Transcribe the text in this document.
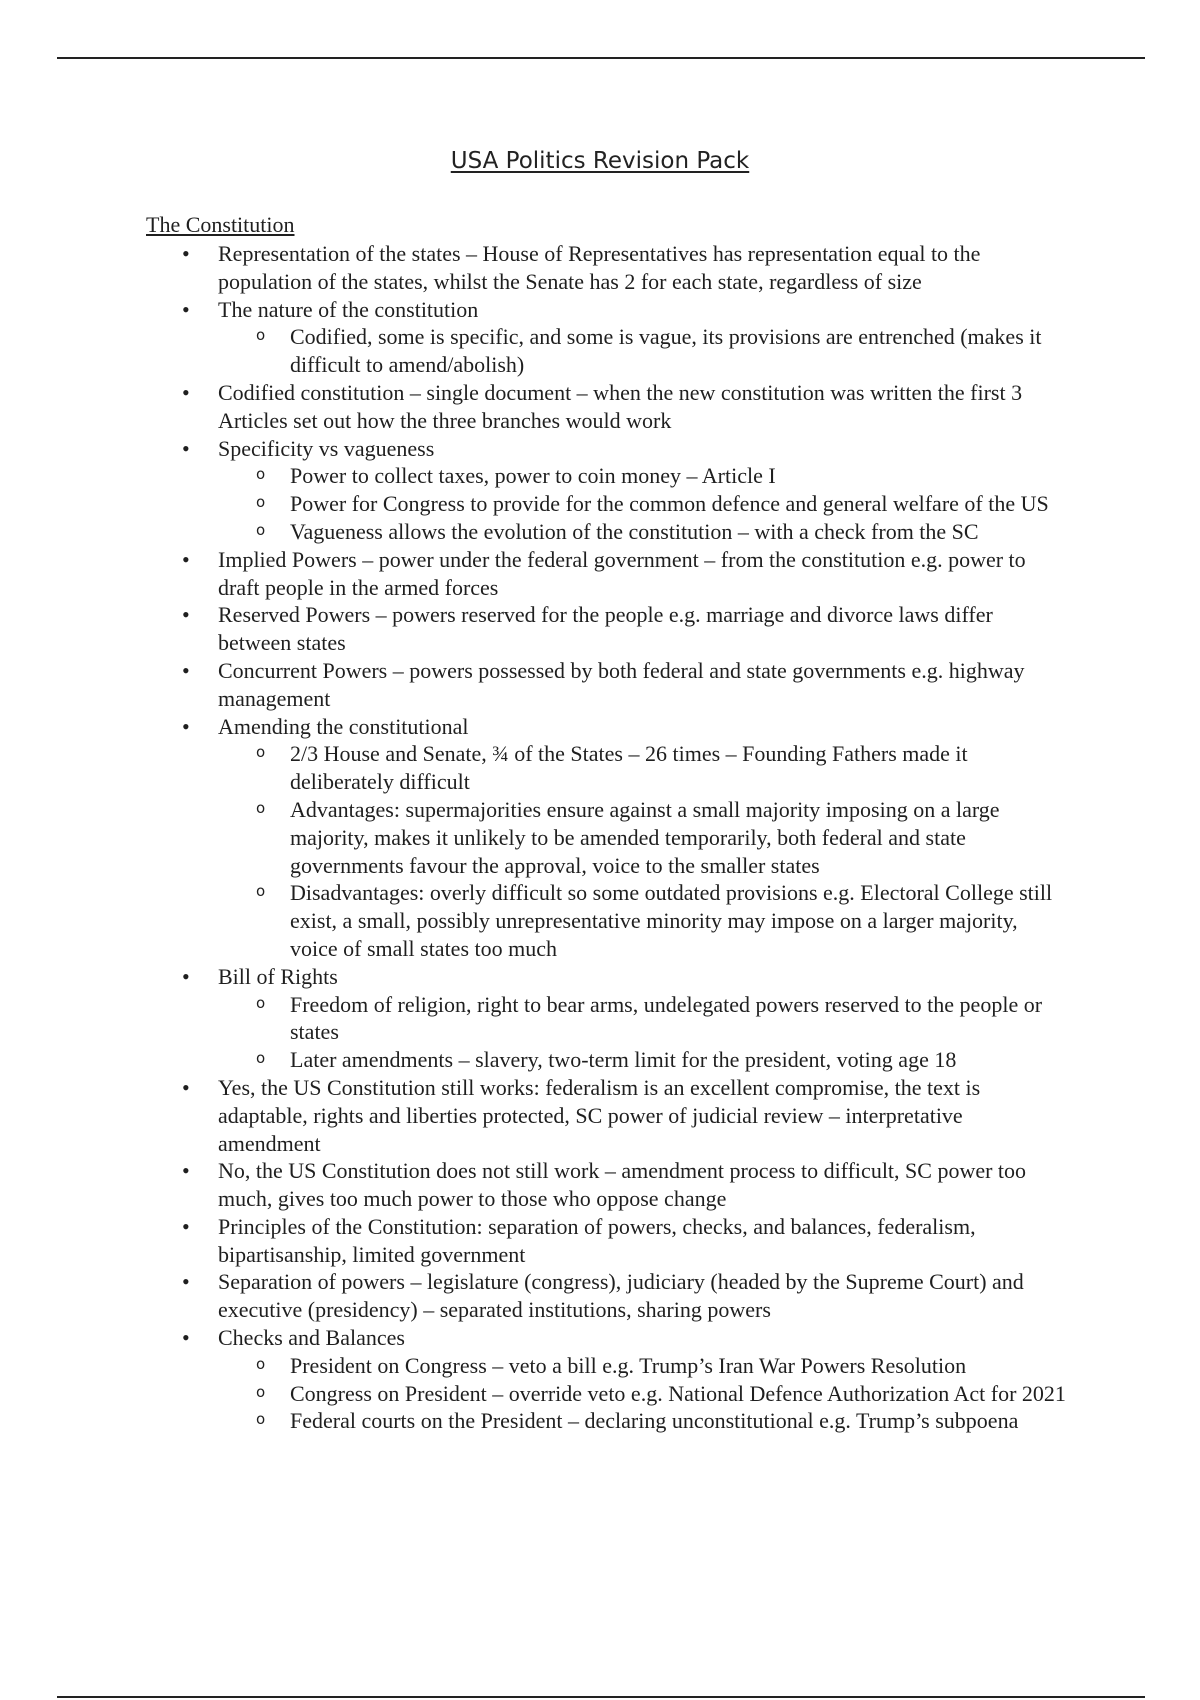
USA Politics Revision Pack
The Constitution
• Representation of the states – House of Representatives has representation equal to the population of the states, whilst the Senate has 2 for each state, regardless of size
• The nature of the constitution
o Codified, some is specific, and some is vague, its provisions are entrenched (makes it difficult to amend/abolish)
• Codified constitution – single document – when the new constitution was written the first 3 Articles set out how the three branches would work
• Specificity vs vagueness
o Power to collect taxes, power to coin money – Article I
o Power for Congress to provide for the common defence and general welfare of the US
o Vagueness allows the evolution of the constitution – with a check from the SC
• Implied Powers – power under the federal government – from the constitution e.g. power to draft people in the armed forces
• Reserved Powers – powers reserved for the people e.g. marriage and divorce laws differ between states
• Concurrent Powers – powers possessed by both federal and state governments e.g. highway management
• Amending the constitutional
o 2/3 House and Senate, ¾ of the States – 26 times – Founding Fathers made it deliberately difficult
o Advantages: supermajorities ensure against a small majority imposing on a large majority, makes it unlikely to be amended temporarily, both federal and state governments favour the approval, voice to the smaller states
o Disadvantages: overly difficult so some outdated provisions e.g. Electoral College still exist, a small, possibly unrepresentative minority may impose on a larger majority, voice of small states too much
• Bill of Rights
o Freedom of religion, right to bear arms, undelegated powers reserved to the people or states
o Later amendments – slavery, two-term limit for the president, voting age 18
• Yes, the US Constitution still works: federalism is an excellent compromise, the text is adaptable, rights and liberties protected, SC power of judicial review – interpretative amendment
• No, the US Constitution does not still work – amendment process to difficult, SC power too much, gives too much power to those who oppose change
• Principles of the Constitution: separation of powers, checks, and balances, federalism, bipartisanship, limited government
• Separation of powers – legislature (congress), judiciary (headed by the Supreme Court) and executive (presidency) – separated institutions, sharing powers
• Checks and Balances
o President on Congress – veto a bill e.g. Trump’s Iran War Powers Resolution
o Congress on President – override veto e.g. National Defence Authorization Act for 2021
o Federal courts on the President – declaring unconstitutional e.g. Trump’s subpoena
